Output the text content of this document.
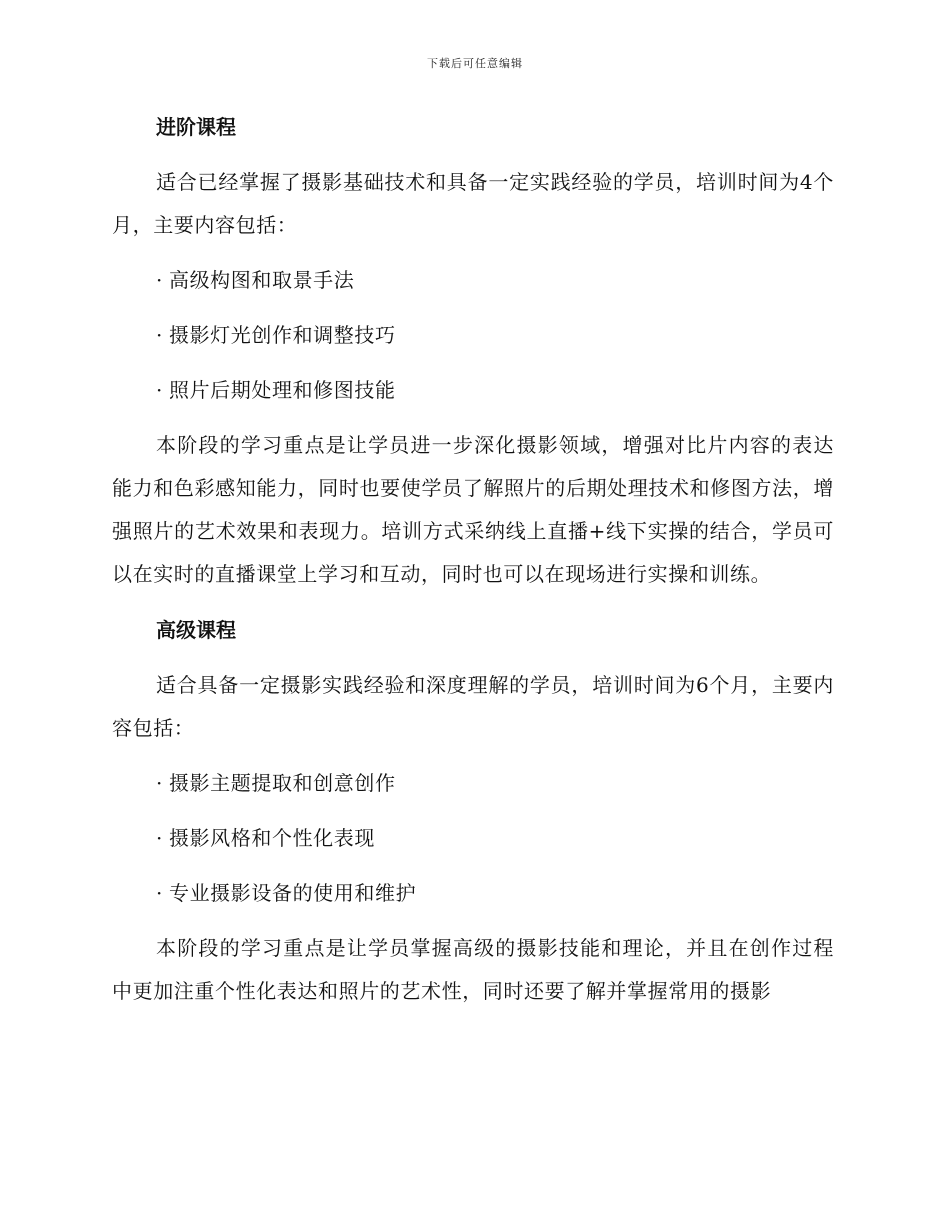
下载后可任意编辑
进阶课程
适合已经掌握了摄影基础技术和具备一定实践经验的学员，培训时间为4个月，主要内容包括：
· 高级构图和取景手法
· 摄影灯光创作和调整技巧
· 照片后期处理和修图技能
本阶段的学习重点是让学员进一步深化摄影领域，增强对比片内容的表达能力和色彩感知能力，同时也要使学员了解照片的后期处理技术和修图方法，增强照片的艺术效果和表现力。培训方式采纳线上直播+线下实操的结合，学员可以在实时的直播课堂上学习和互动，同时也可以在现场进行实操和训练。
高级课程
适合具备一定摄影实践经验和深度理解的学员，培训时间为6个月，主要内容包括：
· 摄影主题提取和创意创作
· 摄影风格和个性化表现
· 专业摄影设备的使用和维护
本阶段的学习重点是让学员掌握高级的摄影技能和理论，并且在创作过程中更加注重个性化表达和照片的艺术性，同时还要了解并掌握常用的摄影
